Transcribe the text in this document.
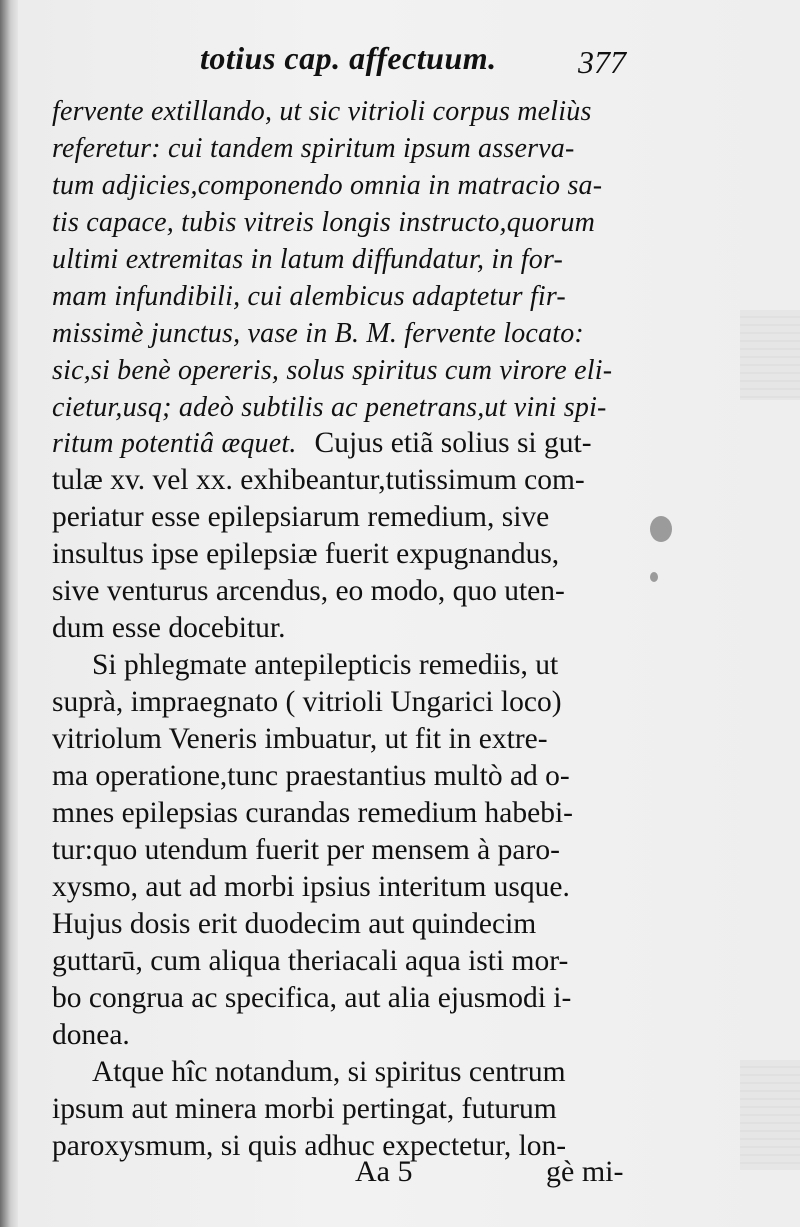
totius cap. affectuum.	377
fervente extillando, ut sic vitrioli corpus meliùs
referetur: cui tandem spiritum ipsum asserva-
tum adjicies,componendo omnia in matracio sa-
tis capace, tubis vitreis longis instructo,quorum
ultimi extremitas in latum diffundatur, in for-
mam infundibili, cui alembicus adaptetur fir-
missimè junctus, vase in B. M. fervente locato:
sic,si benè opereris, solus spiritus cum virore eli-
cietur,usq; adeò subtilis ac penetrans,ut vini spi-
ritum potentiâ æquet. Cujus etiã solius si gut-
tulæ xv. vel xx. exhibeantur,tutissimum com-
periatur esse epilepsiarum remedium, sive
insultus ipse epilepsiæ fuerit expugnandus,
sive venturus arcendus, eo modo, quo uten-
dum esse docebitur.
Si phlegmate antepilepticis remediis, ut
suprà, impraegnato ( vitrioli Ungarici loco)
vitriolum Veneris imbuatur, ut fit in extre-
ma operatione,tunc praestantius multò ad o-
mnes epilepsias curandas remedium habebi-
tur:quo utendum fuerit per mensem à paro-
xysmo, aut ad morbi ipsius interitum usque.
Hujus dosis erit duodecim aut quindecim
guttarū, cum aliqua theriacali aqua isti mor-
bo congrua ac specifica, aut alia ejusmodi i-
donea.
Atque hîc notandum, si spiritus centrum
ipsum aut minera morbi pertingat, futurum
paroxysmum, si quis adhuc expectetur, lon-
Aa 5	gè mi-
